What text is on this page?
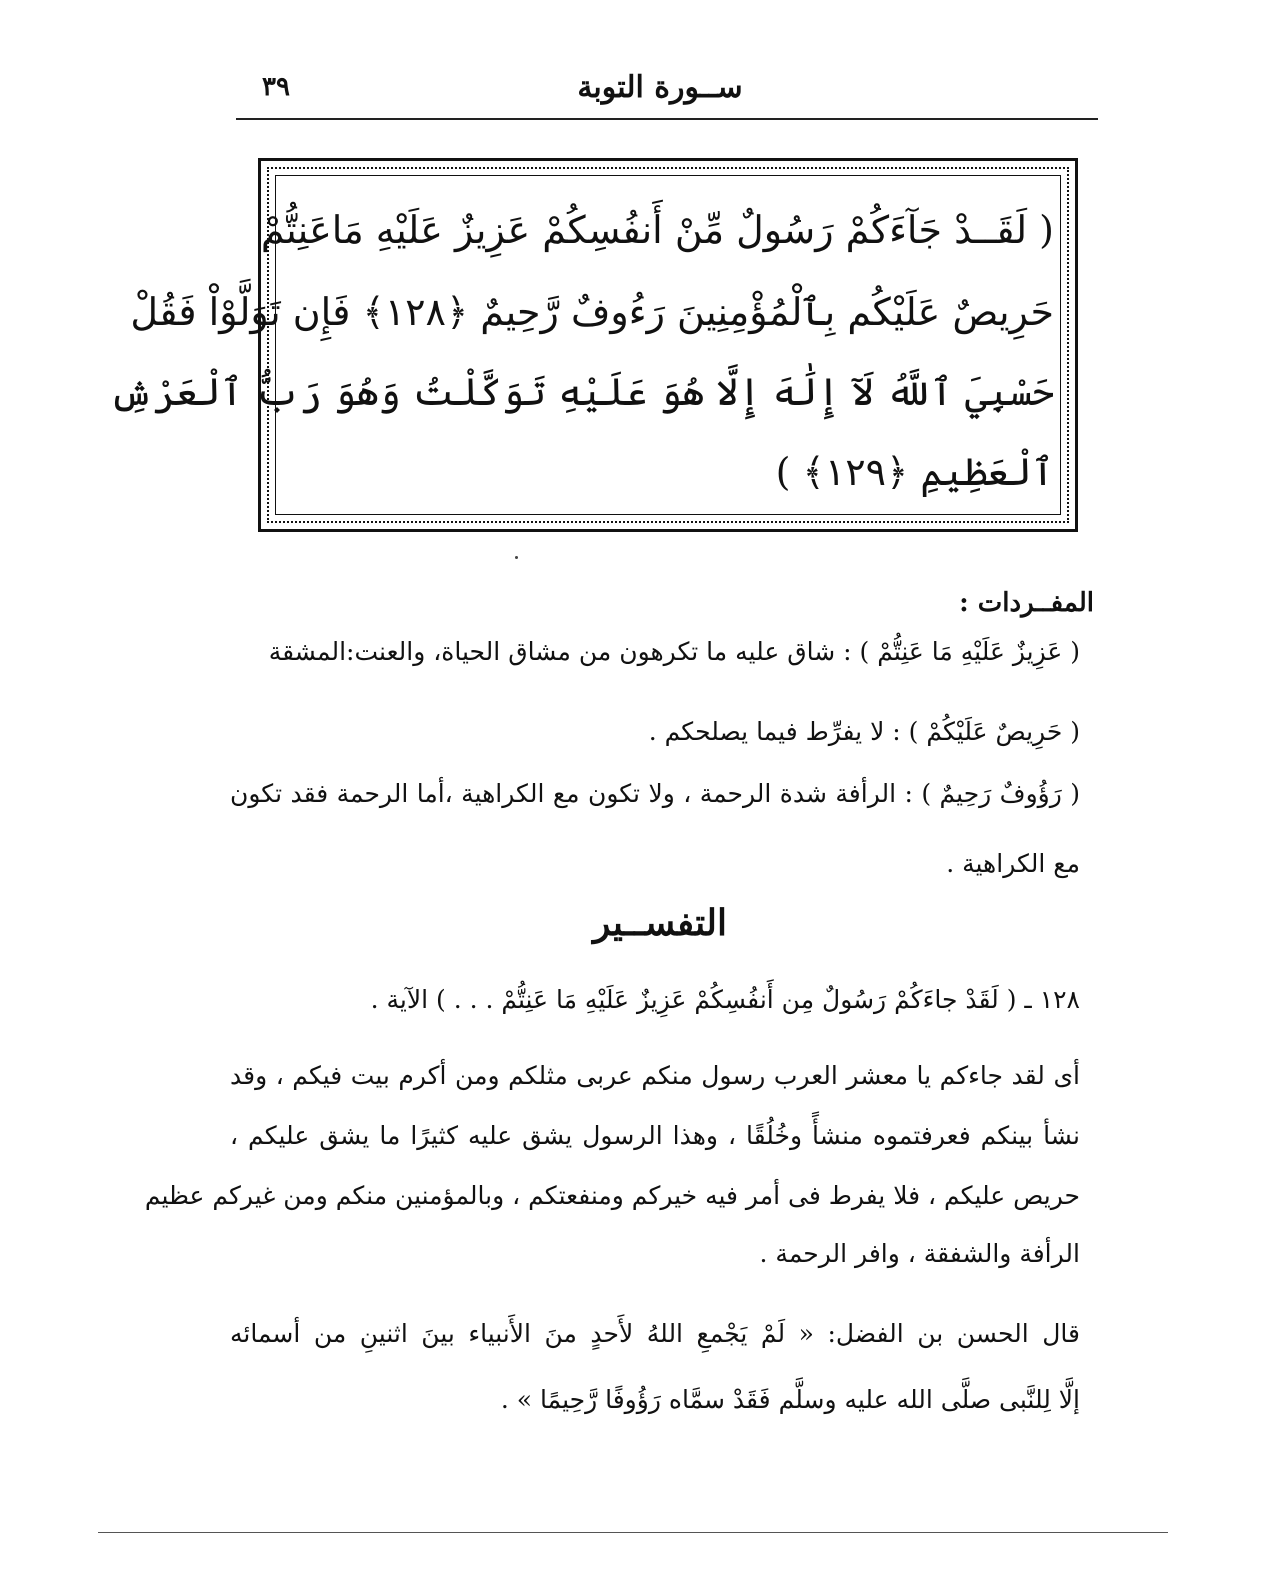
٣٩	ســورة التوبة
( لَقَــدْ جَآءَكُمْ رَسُولٌ مِّنْ أَنفُسِكُمْ عَزِيزٌ عَلَيْهِ مَاعَنِتُّمْ
حَرِيصٌ عَلَيْكُم بِٱلْمُؤْمِنِينَ رَءُوفٌ رَّحِيمٌ ﴿١٢٨﴾ فَإِن تَوَلَّوْاْ فَقُلْ
حَسْبِيَ ٱللَّهُ لَآ إِلَٰهَ إِلَّا هُوَ عَلَيْهِ تَوَكَّلْتُ وَهُوَ رَبُّ ٱلْعَرْشِ
ٱلْعَظِيمِ ﴿١٢٩﴾ )
المفــردات :
( عَزِيزٌ عَلَيْهِ مَا عَنِتُّمْ ) : شاق عليه ما تكرهون من مشاق الحياة، والعنت:المشقة
( حَرِيصٌ عَلَيْكُمْ ) : لا يفرِّط فيما يصلحكم .
( رَؤُوفٌ رَحِيمٌ ) : الرأفة شدة الرحمة ، ولا تكون مع الكراهية ،أما الرحمة فقد تكون
مع الكراهية .
التفســير
١٢٨ ـ ( لَقَدْ جاءَكُمْ رَسُولٌ مِن أَنفُسِكُمْ عَزِيزٌ عَلَيْهِ مَا عَنِتُّمْ . . . ) الآية .
أى لقد جاءكم يا معشر العرب رسول منكم عربى مثلكم ومن أكرم بيت فيكم ، وقد
نشأ بينكم فعرفتموه منشأً وخُلُقًا ، وهذا الرسول يشق عليه كثيرًا ما يشق عليكم ،
حريص عليكم ، فلا يفرط فى أمر فيه خيركم ومنفعتكم ، وبالمؤمنين منكم ومن غيركم عظيم
الرأفة والشفقة ، وافر الرحمة .
قال الحسن بن الفضل: « لَمْ يَجْمعِ اللهُ لأَحدٍ منَ الأَنبياء بينَ اثنينِ من أسمائه
إلَّا لِلنَّبى صلَّى الله عليه وسلَّم فَقَدْ سمَّاه رَؤُوفًا رَّحِيمًا » .
